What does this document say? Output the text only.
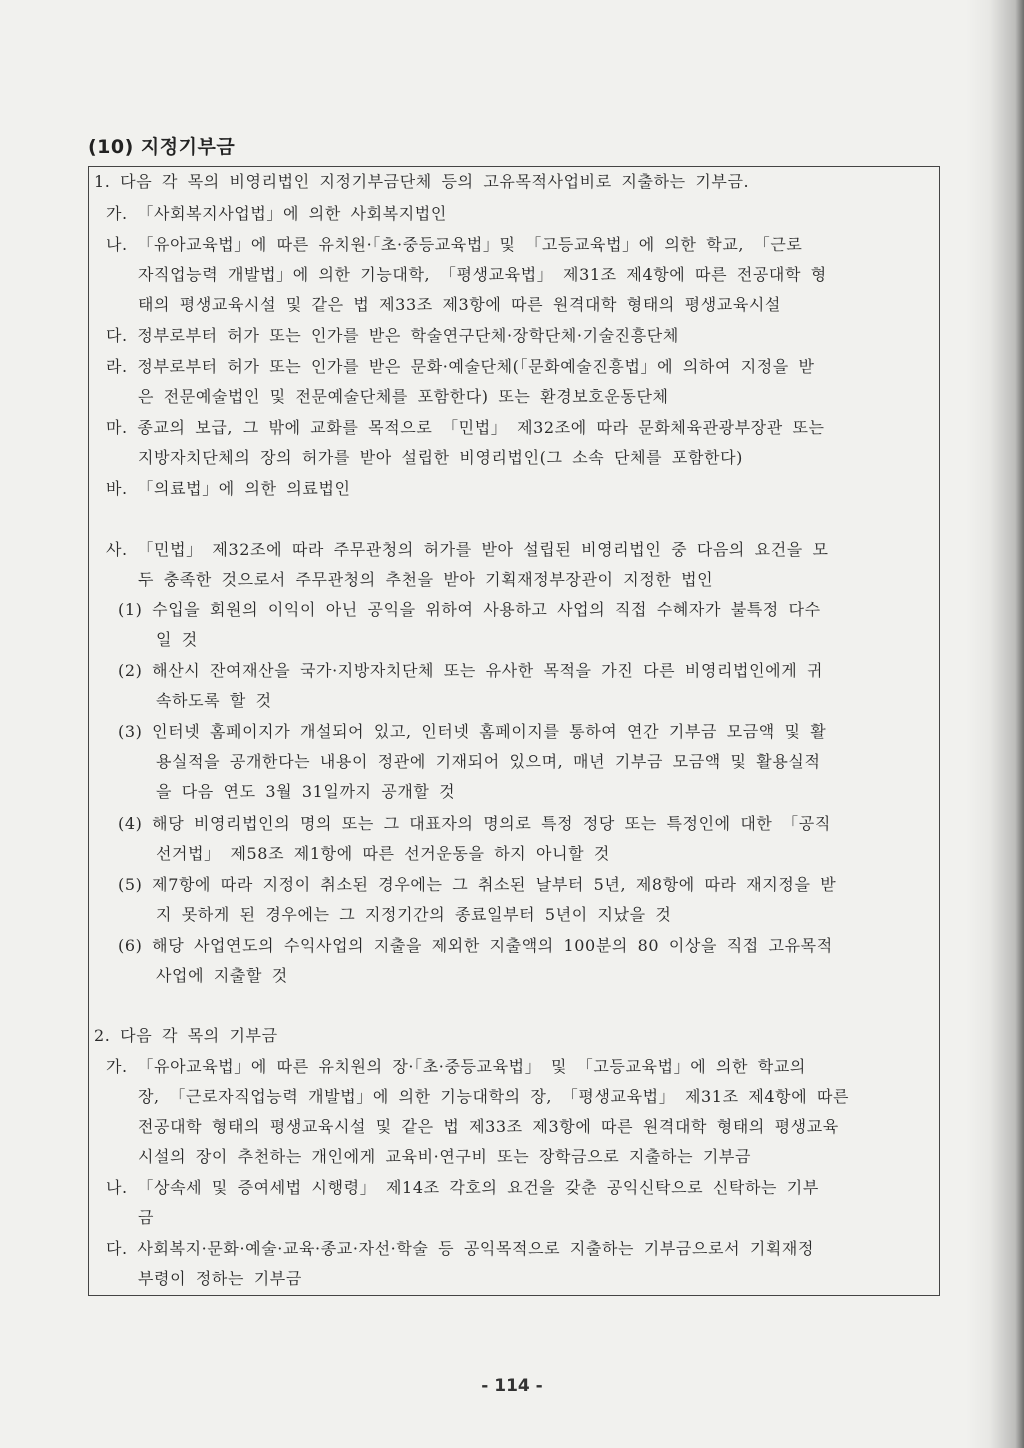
(10) 지정기부금
1. 다음 각 목의 비영리법인 지정기부금단체 등의 고유목적사업비로 지출하는 기부금.
가. 「사회복지사업법」에 의한 사회복지법인
나. 「유아교육법」에 따른 유치원·「초·중등교육법」및 「고등교육법」에 의한 학교, 「근로
자직업능력 개발법」에 의한 기능대학, 「평생교육법」 제31조 제4항에 따른 전공대학 형
태의 평생교육시설 및 같은 법 제33조 제3항에 따른 원격대학 형태의 평생교육시설
다. 정부로부터 허가 또는 인가를 받은 학술연구단체·장학단체·기술진흥단체
라. 정부로부터 허가 또는 인가를 받은 문화·예술단체(「문화예술진흥법」에 의하여 지정을 받
은 전문예술법인 및 전문예술단체를 포함한다) 또는 환경보호운동단체
마. 종교의 보급, 그 밖에 교화를 목적으로 「민법」 제32조에 따라 문화체육관광부장관 또는
지방자치단체의 장의 허가를 받아 설립한 비영리법인(그 소속 단체를 포함한다)
바. 「의료법」에 의한 의료법인
사. 「민법」 제32조에 따라 주무관청의 허가를 받아 설립된 비영리법인 중 다음의 요건을 모
두 충족한 것으로서 주무관청의 추천을 받아 기획재정부장관이 지정한 법인
(1) 수입을 회원의 이익이 아닌 공익을 위하여 사용하고 사업의 직접 수혜자가 불특정 다수
일 것
(2) 해산시 잔여재산을 국가·지방자치단체 또는 유사한 목적을 가진 다른 비영리법인에게 귀
속하도록 할 것
(3) 인터넷 홈페이지가 개설되어 있고, 인터넷 홈페이지를 통하여 연간 기부금 모금액 및 활
용실적을 공개한다는 내용이 정관에 기재되어 있으며, 매년 기부금 모금액 및 활용실적
을 다음 연도 3월 31일까지 공개할 것
(4) 해당 비영리법인의 명의 또는 그 대표자의 명의로 특정 정당 또는 특정인에 대한 「공직
선거법」 제58조 제1항에 따른 선거운동을 하지 아니할 것
(5) 제7항에 따라 지정이 취소된 경우에는 그 취소된 날부터 5년, 제8항에 따라 재지정을 받
지 못하게 된 경우에는 그 지정기간의 종료일부터 5년이 지났을 것
(6) 해당 사업연도의 수익사업의 지출을 제외한 지출액의 100분의 80 이상을 직접 고유목적
사업에 지출할 것
2. 다음 각 목의 기부금
가. 「유아교육법」에 따른 유치원의 장·「초·중등교육법」 및 「고등교육법」에 의한 학교의
장, 「근로자직업능력 개발법」에 의한 기능대학의 장, 「평생교육법」 제31조 제4항에 따른
전공대학 형태의 평생교육시설 및 같은 법 제33조 제3항에 따른 원격대학 형태의 평생교육
시설의 장이 추천하는 개인에게 교육비·연구비 또는 장학금으로 지출하는 기부금
나. 「상속세 및 증여세법 시행령」 제14조 각호의 요건을 갖춘 공익신탁으로 신탁하는 기부
금
다. 사회복지·문화·예술·교육·종교·자선·학술 등 공익목적으로 지출하는 기부금으로서 기획재정
부령이 정하는 기부금
- 114 -
